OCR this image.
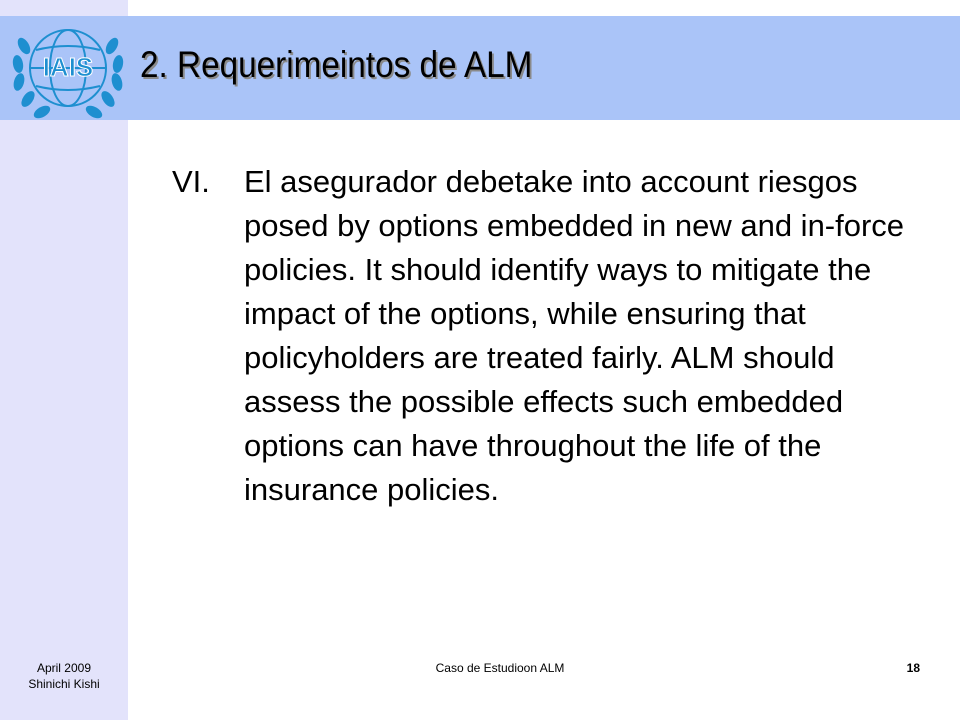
IAIS 2. Requerimeintos de ALM
VI. El asegurador debetake into account riesgos posed by options embedded in new and in-force policies. It should identify ways to mitigate the impact of the options, while ensuring that policyholders are treated fairly. ALM should assess the possible effects such embedded options can have throughout the life of the insurance policies.
April 2009
Shinichi Kishi
Caso de Estudioon ALM	18
